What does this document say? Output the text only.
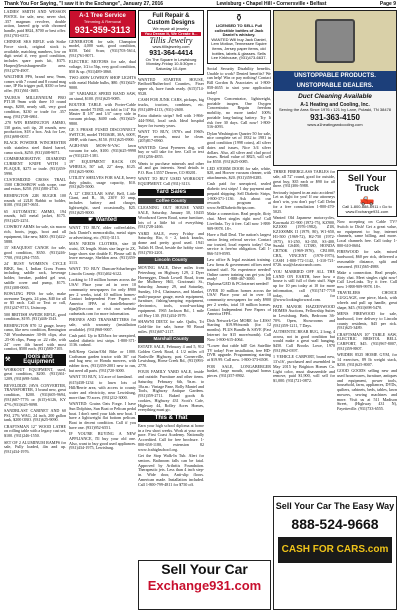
Thank You For Saying, "I saw it in the Exchange", January 27, 2016	Lewisburg • Chapel Hill • Cornersville • Belfast	Page 9

LADIES' SMITH AND WESSON PISTOL for sale, new, never shot, .357 magnum revolver, double action, lasered grip with chromed handle, paid $824, $700 or best offer. (931)703-6372.

CHINESE SKS RIFLE with Strike Force stock, original stock is available, matching numbers, low on digit serial #, very good condition, includes spare parts kit, $375. Harper@lewisburgenville area. (931)270-4907.

WALTHER PPS, brand new, 9mm, comes with 7 round and 8 round mag case, IP Bu trigger pull, $350 or best offer. (931)561-1605.

TAURUS MILLENNIUM PRO PT138 9mm with three 10 round mags, $200, nearly still, very good condition, $230 or trade for .357 mag. (931)728-6861.

.270 WIN REMINGTON AMMO, 130 grain, soft tip, 20 rounds, new production, $18 a box. Ask for Lee, (931)698-0037.

BLACK POWDER WINCHESTER with stainless steel fluted barrel, camo stock, $250. (931)308-9071.

COMMEMORATIVE DIAMOND CURRENT KNIFE WITH 1 PLAQUE, $275 or trade. (931)359-5990.

CUSTOMIZED CROSS TRAIL 1500 CROSSBOW with scope, case and extras, $250. (931)580-2730.

REMINGTON 22R RUGER 100 rounds of 22LR Rabbit ro bolder, $100. (931)307-0651.

65 AUTOMATIC AMMO, 194 rounds, full metal jacket, $175. (931)425-2251.

COWBOY ARMS for sale, six macro rich, boots, jeggs, boot and all equipment, like new, $400. (931)422-5888.

15' SEAQUEST CANOE for sale, good condition, $350. (931)246-7700, (931)294-7555.

24' BUSY WOMEN'S CYCLE BIKE, 6nr, I, Indian Cross Forms including saddle rack, beverage holder, breaker, padded gel seat, saddle cover and pump, $175. (931)308-0065.

BOWLING PINS for sale, make awesome Targets, 24 pins, $40 for all or $5 each. Call or Text or call, (931)247-8713, Unincorp.

500 BRITISH SWEDE RIFLE, good condition, $195. (931)446-1543.

REMINGTON 870 12 gauge, heavy camo, like new condition, Remington 740 Woodsmaster 30-06 clips, also .25-06 clips, Pump or .22 rifle, with 24" over 4th barrel with most comfort, $500 each. (931)580-7105.

⚒	Tools and Equipment

WORKOUT EQUIPMENT, used, great condition, $200. (931)361-1209, (931)698-5466.

BEVELDIZE JAVA CONVERTER, TRANSPORTER, 3 brand new, great condition, $200. (931)605-9694, (931)607-7776 or (615)-6126, KY 47% (931)625-9098.

SANDBLAST CABINET AND 60 PSI, 27% WAG, 24 inch, 200 gallon tank, $200 OBO. (931)625-9090.

CRAFTSMAN 12" WOOD LATHE on rolling table with a legacy cast set, $100. (931)246-1550.

SET OF 2 ALUMINUM RAMPS for sale, Fully loaded, 4in and up. (931)434-1976.

A-1 Tree Service
Trimming & Removal
931-359-3113

GENERATOR for sale, Champion model, 4,000 watt, good condition, $350. Tahl Scarr, (931)703-5614, (931)761-8071.

ELECTRIC MOTORS for sale, dual voltage, 1/2 to 5hp, very good condition, $50 & up. (931)489-3860.

TWO 400W LOWBOY SHOP LIGHTS with metal Halide bulbs, $80. (931)625-9000.

10" VARIABLE SPEED BAND SAW, on stand, $100. (931)625-9085.

BOUTER TABLE with Porter-Cable router, model 7518D, on fold in 1/4" Bit Master II 1/8" and 1/4" carry side in vacuum pickup, $400 cash. (931)625-9800.

GE 3 PHASE FUSED DISCONNECT SWITCH, model TH3363R, 30A, 600V, 20HP, with fuses, $150. (931)625-0900.

AGRI-FAB MOW-N-VAC lawn vacuum for sale, $100. (931)625-9998 or (931)225-1381.

19" EQUIPMENT RACK ON WHEELS, 50" tall, 22" deep, $125. (931)625-9090.

UTILITY SHELVES FOR SALE, heavy duty plastic, usage capacity, $10. (931)625-5000.

A 12" CIRCULAR SAW, Bell, Little Giant, and B., 36, 230V 10 amp, includes battery and charger, lightweight, used occasionally, $25. (931)625-8000.

☛ Wanted

WANT TO BUY, older coffee/tables, Jack Daniel's memorabilia, metal signs or advertising, etc. (931)-3113.

MAN NEEDS CLOTHES, size 38 waist, 3X length. Shirts size large to 2X, large shoes size double E. Please call & leave message, Sheldon area. (931)359-3113.

WANT TO BUY Duncan-Scharberger Lincoln County. (931)462-6122.

Looking to 10 million homes across the USA! Place your ad in over 10 community newspapers for only $900 per 2 weeks, total 10 million homes-Contact Independent Free Papers of America IFPA at danielleburnett-ifpa@live.com or visit our website cadnetads.com for more information.

PHONES AND TRANSMITTERS for sale, with warranty (installation available). (931)968-9007.

Cash paid. Up to $25/box for unexpired, sealed diabetic test strips. 1-800-371-1136. cashnd.

Sell/Keep Guitar/Old Bike or 1000. Craftsman garden tractor with 36" cut and bag new, or Honda mowers, with rubber tires, (931)359-2001 new to run, but need all parts. (931)720-3000.

WANT TO BUY, 1/2 acre of farmland.

(615)438-1234 to lawn lots of Hill/Berrie area, with access to county water and electricity, near Lewisburg, more than 70 acres. (931)212-3000.

WANTED: Grains Oats Forge. I have Sun Dolphins, Sun Boat or Pelican pedal boat. I don't need your kids new boat. I have a lightweight flat bottom pelican. Boat in decent condition. Call if you have one. (931)952-6551.

IF YOU'RE BUYING A NEW APPLIANCE, I'll buy your old one. Also, want to buy good used appliances. (931)434-1975, Lewisburg.

Full Repair & Custom Designs
We repair all jewelry.
You Dream It, We Create It...
Tillis Jewelry
www.tillisjewelry.com
931-364-4414
On The Square in Lewisburg
Monday-Friday 10-5:30pm • Saturday 10-4pm

WANTED STARTER HOUSE, Bedford/Rutherford Counties, Fixer upper ok, have funds ready. (615)714-9528.

CASH FOR JUNK CARS, pickups, big trucks, tractors, combines, etc. (931)489-4113, (931)-2600.

Extra diabetic strips? Sell with 1-866-444-5964, local cash. Ideal hospital buyer for twenty years.

WANT TO BUY, 1970's and 1960's Player records, must be clean. (205)817-6960.

WANTED: Great Pyrenees dog, will buy or will take for free. Call or text (931)256-4855.

Wants to purchase minerals and other oil and gas interests. Send details to P.O. Box 13557 Denver, CO 80201.

WANT TO BUY USED WORKOUT EQUIPMENT. Call (931)-3113.

Yard Sales
Coffee County

CLEANING OUT HOUSE YARD SALE, Saturday, January 30, 10435 Woodward Green Road, some furniture, lots of a little bit of everything. (931)728-2466.

YARD SALE, every Friday and Saturday, Rio, 6 - 2, knick knacks, dome and pretty good used. 1941 Tullah H. Deal, beside the hobby store. (931)703-2201.

Lincoln County

MOVING SALE, Drive miles from Petersburg on Highway 129, 2 Dyer Hoenegger, Dinah Lowell Road, from the Mulberry Hill, Cincinnati St., Saturday, January 29, and Saturday, Sunday, 10-4, Chainsaws, and blanket, multi-purpose gauge, mesh equipment, furniture, fishing/camping equipment, electronics, tools, wood-working equipment. 1965 Jackson Rd., 1 mile off Hwy 130. (931)434-1979.

SHAWNI DIETZ for sale. Quilts, Tri Gold-lite for sale, home 90 Broad miles. (931)607-2117.

Marshall County

ESTATE SALE, February 4 and 5, 912 Golden Creek Road, 4 1/2 miles off Nashville Highway, past Cornerville, Lewisburg, Horse Creek Rd., (931)993-2770.

FOUR FAMILY YARD SALE, inside and outside. Furniture and other items. Saturday, February 6th, 9a.m. to 10a.m.: Vintage Pane, Rolly Mantel and Tools, Highway Antique Gardens. (931)359-2711. Baked goods & cookies, Highway 431 Scott's Cafe, Highway 44, Rolley Acres Homes, everything must go.

This & That

Earn your high school diploma at home in a few short weeks. Work at your own pace. First Coast Academy. Nationally Accredited. Call for free brochure. 1-800-658-1180, extension 82 www.fcahighschool.org.

Get the Stop Walk-In Tub. Alert for seniors. Bathroom falls can be fatal. Approved by Arthritis Foundation. Therapeutic jets. Less than 4 inch step-in. Wide door, Anti-slip floors. American made. Installation included. Call 1-800-799-4811 for $750 off.

⚱
LICENSED TO SELL Full collectible bottles of Jack Daniel's whiskey.
WANTED Will buy Jack Daniel, Lem Motlow, Tennessee Squire items, Jersey paper items, old bottles, labels & glasses. Sells Lee Kirkhouse, (931)473-6637.

Social Security Disability benefits. Unable to work? Denied benefits? We can help! Win or pay nothing! Contact Bill Gordon & Associates at 1-800-858-4655 to start your application today!

Oxygen Concentrator, lightweight, portable inogen. One Oxygen Concentrator. Regain freedom mobility, no more tanks! 100% portable long-lasting battery. Try It risk free 30 days. Call now! 1-800-516-4093.

Dylan Washington Quarter 50 for sale, nice complete set of 1832 to 1981 in good condition (1998 coins), all silver dates and issues, Nice 3/4 silver dollars. Also, all silver and clad proof issues. Retail value of $825, will sell for $550. (931)625-0085.

LED STORM DOOR for sale, white, $20, and Hoover vacuum cleaner, with attachments, $20. (931)359-0285.

Cash paid for unexpired, sealed diabetic test strips! 1 day payment and prepaid shipping. Sell Diabetic Strips, 1-800-371-1136. Ask about our rewards program at www.SellDiabeticStrips.com.

Make a connection. Real people, flirty chat. Meet singles right now! Call Livelinks. Try it free. Call now 1-888-909-9978. 18+.

Have a Ball Deal. The nation's largest senior living referral service. Contact our trusted, local experts today! Our service is free/no obligation. Call 1-866-519-0595.

Law office & legal assistant training. Law firms & government offices need trained staff. No experience needed! Online career training can get you job ready! 1-888-467-3000. HS Diploma/GED & PC/internet needed!

OVER 10 million homes across the USA! Place your ad in over 10 community newspapers for only $900 per 2 weeks, total 10 million homes. Contact Independent Free Papers of America IFPA.

Dish Network-Get MORE for LESS! Starting $19.99/month (for 12 months). PLUS Bundle & SAVE (Fast Internet for $15 more/month). Call Now 1-800-615-4064.

*Lower that cable bill! Get Satellite TV today! Free installation, free HD-DVR upgrade. Programming starting at $19.99. Call now. 1-800-373-6508.

FOR SALE, LONGABERGER basket, large mouth, original bonus pieces. (931)357-8902.

THREE FIBERGLASS TABLES for sale, all 72" round, good for outside, great buy, $35 each or $90 for all three. (931)306-5988.

Seriously injured in an auto accident? Let us fight for you! If our attorneys don't win, you don't pay! Call Dehn for a free consultation 1-800-470-5025.

Wanted Old Japanese motorcycles, Kawasaki Z1-900 (1972-75), KZ900, KZ1000 (1976-1982), Z1R, KZ1000MK II (1979, 80), W1-650, H1-500 (1969-72), H2-750 (1972-1975), S1-250, S2-350, S3-400, Suzuki GS400, GT380, HONDA CB750K (1969-1976), CB1000, CBX, VINCENT (1970-1975), CASH 1-800-772-1142, 1-310-721-0726. usa@classicranch.com.

YOU MARRIED OFF ALL THE LAND ON EARTH, here how a house is still full of their stuff. Sign up for 10 pm today at 10 for more information, call (931)747-7718 today, ask for @www.lookingforward.com.

PATE MANOR HAZZENWOOD HOMES Auctions, Fellowship Suites in Lewisburg. Beds, Bedroom 36-70% Open, Showrooms and (931)359-1211, 7 Days.

AUTHENTIC BEAR RUG, 2 long, 4 across, not in good condition but would make a great wall hanging, $450. Call Brooks Lowe, 1970 (931)962-0397.

1 VEHICLE CARPORT, brand new, 13'x16', purchased and assembled in May 2015 by Brighton Homes Co. Light color, must disassemble and remove, paid $1,900, will sell for $1,000. (931)721-0872.

Sell Your Truck
🛻
Call 1-800-888-6911 • Go to www.Exchange931.com

Now accepting on Cable TV? Switch to Dish! Get a great value, no equipment to buy, internet channels, same billing, and more. Local channels free. Call today 1-800-610-0604.

FIREWOOD for sale, mixed hardwood, $60 per rick, delivered a reasonable distance, split and seasoned. (931)565-4988.

Make a connection. Real people, flirty chat. Meet singles right now! Call LiveLinks. Try it free. Call now 1-888-909-9978. 18+.

TRAVELERS CHOICE LUGGAGE, one piece, black, with wheels and pull up handle, great shape, $45. (931)698-5470.

MENS FIREWOOD for sale, hardwood, free delivery to Lincoln county residents, $45 per rick. (931)625-3489.

CRAFTSMAN 10" TABLE SAW, ELECTRIC BRISTOL BELL CARPORT, $45. (931)967-8007, (931)359-8807.

WEIDER 8525 HOME GYM, for 14 exercises, 89 lb weight stack, $250. (931)625-8007.

GOOD GOODS selling new and used housewares, furniture, antiques and equipment, power tools, household, farm, appliances, DVDs, quilters, cabinets, beds, tables, lawn mowers, sewing machines and more. Visit us at 511 Madison Street, (Highway 431 N), Fayetteville. (931)733-6555.

UNSTOPPABLE PRODUCTS.
UNSTOPPABLE DEALERS.
Duct Cleaning Available
A-1 Heating and Cooling, Inc.
Serving the Area Since 1976 • 121 Ivy Lane, Pulaski, TN 38478
931-363-4150
www.a1heatingandcooling.com
Sell Your Car
Exchange931.com
Sell Your Car The Easy Way
888-524-9668
CASH FOR CARS.com
